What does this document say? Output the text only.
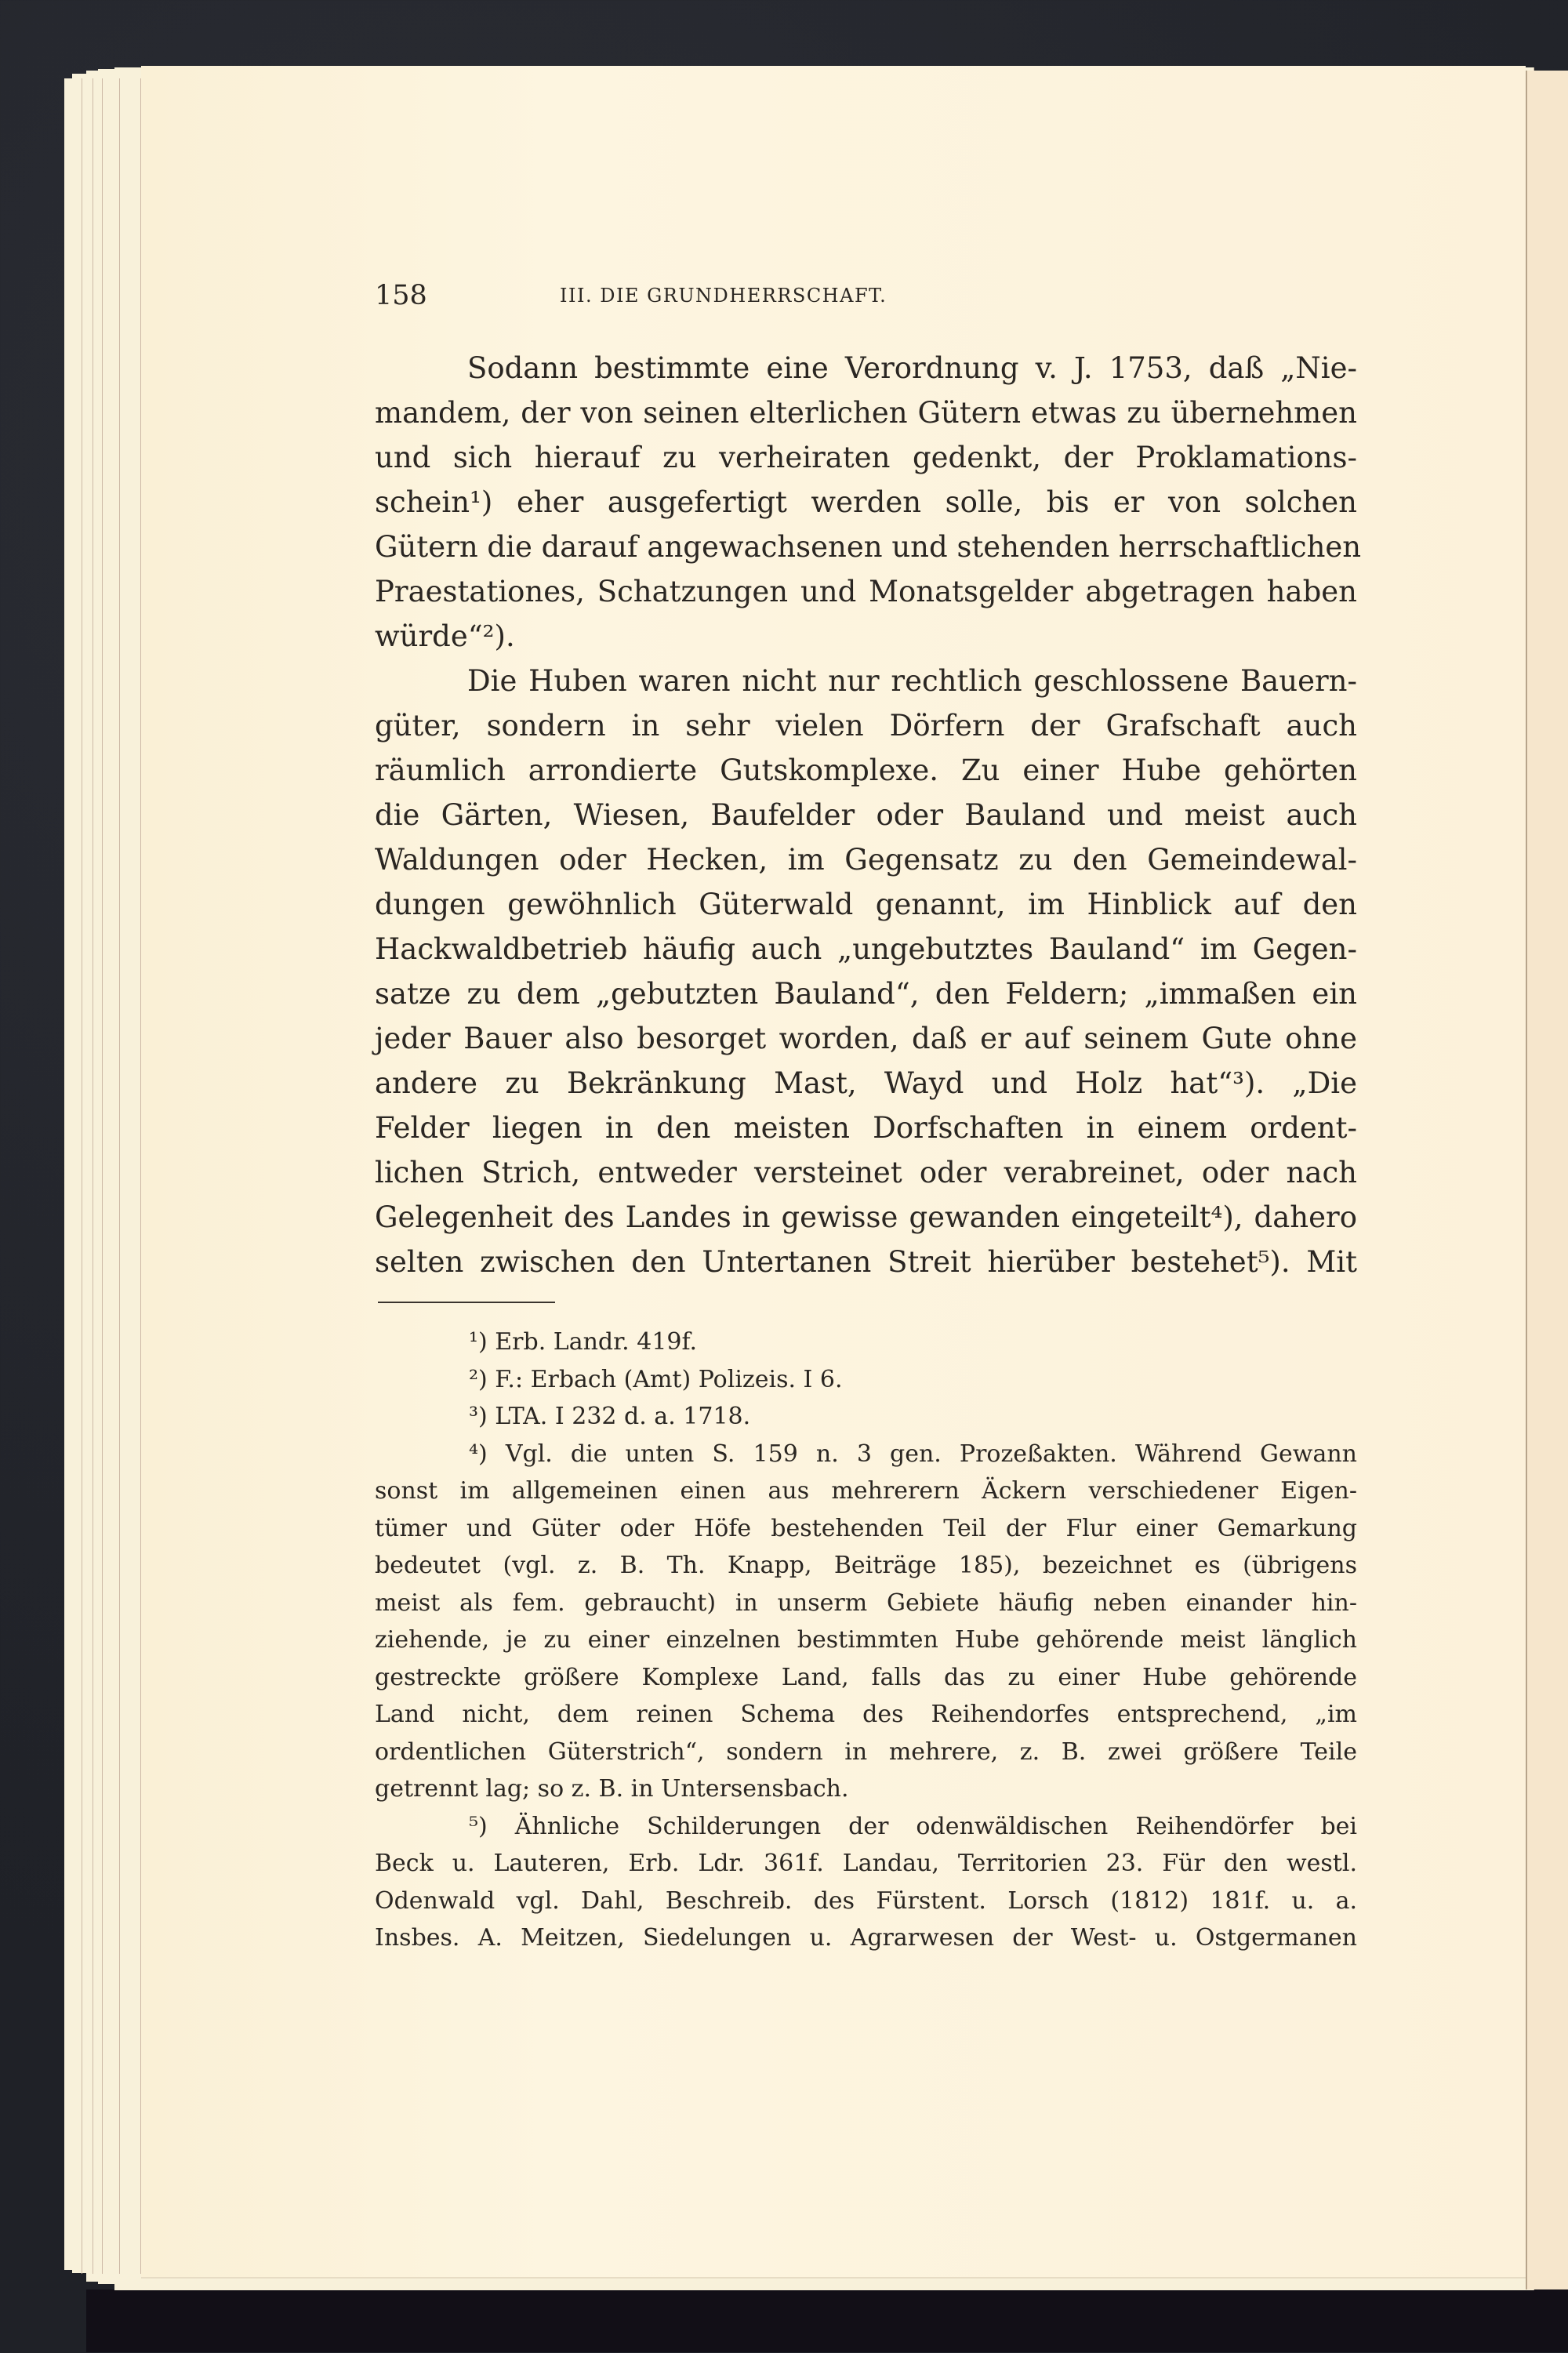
158	III. DIE GRUNDHERRSCHAFT.
Sodann bestimmte eine Verordnung v. J. 1753, daß „Nie-
mandem, der von seinen elterlichen Gütern etwas zu übernehmen
und sich hierauf zu verheiraten gedenkt, der Proklamations-
schein¹) eher ausgefertigt werden solle, bis er von solchen
Gütern die darauf angewachsenen und stehenden herrschaftlichen
Praestationes, Schatzungen und Monatsgelder abgetragen haben
würde“²).
Die Huben waren nicht nur rechtlich geschlossene Bauern-
güter, sondern in sehr vielen Dörfern der Grafschaft auch
räumlich arrondierte Gutskomplexe. Zu einer Hube gehörten
die Gärten, Wiesen, Baufelder oder Bauland und meist auch
Waldungen oder Hecken, im Gegensatz zu den Gemeindewal-
dungen gewöhnlich Güterwald genannt, im Hinblick auf den
Hackwaldbetrieb häufig auch „ungebutztes Bauland“ im Gegen-
satze zu dem „gebutzten Bauland“, den Feldern; „immaßen ein
jeder Bauer also besorget worden, daß er auf seinem Gute ohne
andere zu Bekränkung Mast, Wayd und Holz hat“³). „Die
Felder liegen in den meisten Dorfschaften in einem ordent-
lichen Strich, entweder versteinet oder verabreinet, oder nach
Gelegenheit des Landes in gewisse gewanden eingeteilt⁴), dahero
selten zwischen den Untertanen Streit hierüber bestehet⁵). Mit
¹) Erb. Landr. 419f.
²) F.: Erbach (Amt) Polizeis. I 6.
³) LTA. I 232 d. a. 1718.
⁴) Vgl. die unten S. 159 n. 3 gen. Prozeßakten. Während Gewann
sonst im allgemeinen einen aus mehrerern Äckern verschiedener Eigen-
tümer und Güter oder Höfe bestehenden Teil der Flur einer Gemarkung
bedeutet (vgl. z. B. Th. Knapp, Beiträge 185), bezeichnet es (übrigens
meist als fem. gebraucht) in unserm Gebiete häufig neben einander hin-
ziehende, je zu einer einzelnen bestimmten Hube gehörende meist länglich
gestreckte größere Komplexe Land, falls das zu einer Hube gehörende
Land nicht, dem reinen Schema des Reihendorfes entsprechend, „im
ordentlichen Güterstrich“, sondern in mehrere, z. B. zwei größere Teile
getrennt lag; so z. B. in Untersensbach.
⁵) Ähnliche Schilderungen der odenwäldischen Reihendörfer bei
Beck u. Lauteren, Erb. Ldr. 361f. Landau, Territorien 23. Für den westl.
Odenwald vgl. Dahl, Beschreib. des Fürstent. Lorsch (1812) 181f. u. a.
Insbes. A. Meitzen, Siedelungen u. Agrarwesen der West- u. Ostgermanen
